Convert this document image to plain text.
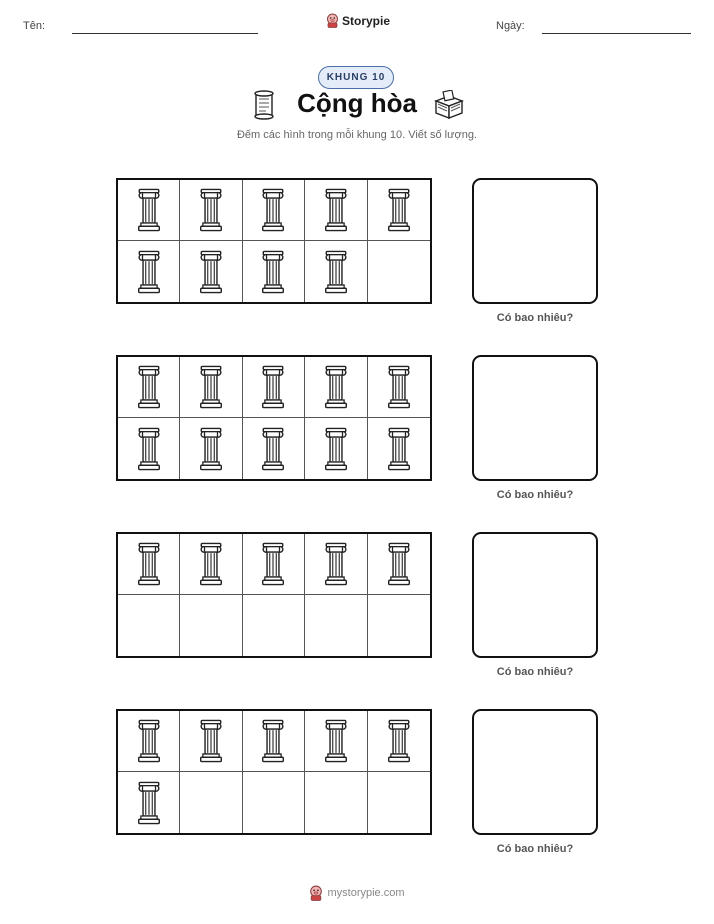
Tên:	Storypie	Ngày:
KHUNG 10
Cộng hòa
Đếm các hình trong mỗi khung 10. Viết số lượng.
Có bao nhiêu?
Có bao nhiêu?
Có bao nhiêu?
Có bao nhiêu?
mystorypie.com
